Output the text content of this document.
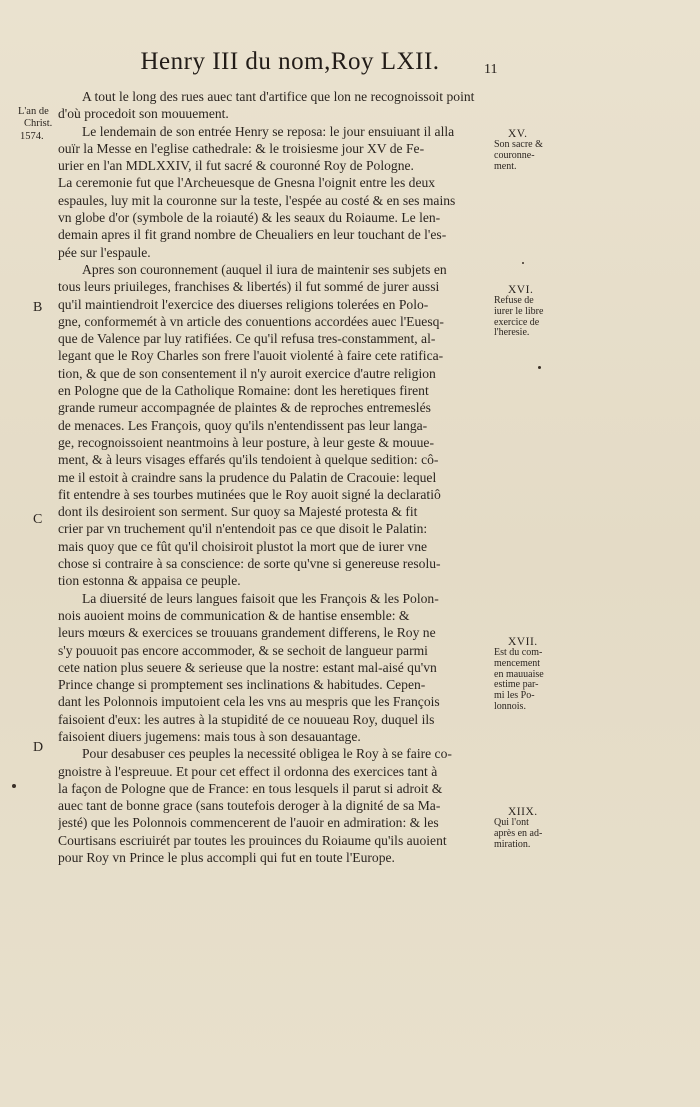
Henry III du nom,Roy LXII.	11
L'an de
Christ.
1574.
B
C
D
A tout le long des rues auec tant d'artifice que lon ne recognoissoit point
d'où procedoit son mouuement.
Le lendemain de son entrée Henry se reposa: le jour ensuiuant il alla
ouïr la Messe en l'eglise cathedrale: & le troisiesme jour XV de Fe-
urier en l'an MDLXXIV, il fut sacré & couronné Roy de Pologne.
La ceremonie fut que l'Archeuesque de Gnesna l'oignit entre les deux
espaules, luy mit la couronne sur la teste, l'espée au costé & en ses mains
vn globe d'or (symbole de la roiauté) & les seaux du Roiaume. Le len-
demain apres il fit grand nombre de Cheualiers en leur touchant de l'es-
pée sur l'espaule.
Apres son couronnement (auquel il iura de maintenir ses subjets en
tous leurs priuileges, franchises & libertés) il fut sommé de jurer aussi
qu'il maintiendroit l'exercice des diuerses religions tolerées en Polo-
gne, conformemét à vn article des conuentions accordées auec l'Euesq-
que de Valence par luy ratifiées. Ce qu'il refusa tres-constamment, al-
legant que le Roy Charles son frere l'auoit violenté à faire cete ratifica-
tion, & que de son consentement il n'y auroit exercice d'autre religion
en Pologne que de la Catholique Romaine: dont les heretiques firent
grande rumeur accompagnée de plaintes & de reproches entremeslés
de menaces. Les François, quoy qu'ils n'entendissent pas leur langa-
ge, recognoissoient neantmoins à leur posture, à leur geste & mouue-
ment, & à leurs visages effarés qu'ils tendoient à quelque sedition: cô-
me il estoit à craindre sans la prudence du Palatin de Cracouie: lequel
fit entendre à ses tourbes mutinées que le Roy auoit signé la declaratiô
dont ils desiroient son serment. Sur quoy sa Majesté protesta & fit
crier par vn truchement qu'il n'entendoit pas ce que disoit le Palatin:
mais quoy que ce fût qu'il choisiroit plustot la mort que de iurer vne
chose si contraire à sa conscience: de sorte qu'vne si genereuse resolu-
tion estonna & appaisa ce peuple.
La diuersité de leurs langues faisoit que les François & les Polon-
nois auoient moins de communication & de hantise ensemble: &
leurs mœurs & exercices se trouuans grandement differens, le Roy ne
s'y pouuoit pas encore accommoder, & se sechoit de langueur parmi
cete nation plus seuere & serieuse que la nostre: estant mal-aisé qu'vn
Prince change si promptement ses inclinations & habitudes. Cepen-
dant les Polonnois imputoient cela les vns au mespris que les François
faisoient d'eux: les autres à la stupidité de ce nouueau Roy, duquel ils
faisoient diuers jugemens: mais tous à son desauantage.
Pour desabuser ces peuples la necessité obligea le Roy à se faire co-
gnoistre à l'espreuue. Et pour cet effect il ordonna des exercices tant à
la façon de Pologne que de France: en tous lesquels il parut si adroit &
auec tant de bonne grace (sans toutefois deroger à la dignité de sa Ma-
jesté) que les Polonnois commencerent de l'auoir en admiration: & les
Courtisans escriuirét par toutes les prouinces du Roiaume qu'ils auoient
pour Roy vn Prince le plus accompli qui fut en toute l'Europe.
XV.
Son sacre &
couronne-
ment.
XVI.
Refuse de
iurer le libre
exercice de
l'heresie.
XVII.
Est du com-
mencement
en mauuaise
estime par-
mi les Po-
lonnois.
XIIX.
Qui l'ont
après en ad-
miration.
